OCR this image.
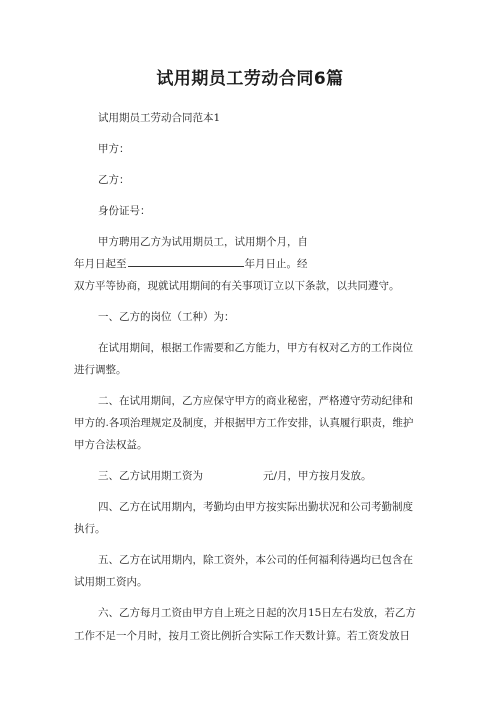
试用期员工劳动合同6篇
试用期员工劳动合同范本1
甲方：
乙方：
身份证号：
甲方聘用乙方为试用期员工，试用期个月，自
年月日起至	年月日止。经
双方平等协商，现就试用期间的有关事项订立以下条款，以共同遵守。
一、乙方的岗位（工种）为：
在试用期间，根据工作需要和乙方能力，甲方有权对乙方的工作岗位
进行调整。
二、在试用期间，乙方应保守甲方的商业秘密，严格遵守劳动纪律和
甲方的.各项治理规定及制度，并根据甲方工作安排，认真履行职责，维护
甲方合法权益。
三、乙方试用期工资为	元/月，甲方按月发放。
四、乙方在试用期内，考勤均由甲方按实际出勤状况和公司考勤制度
执行。
五、乙方在试用期内，除工资外，本公司的任何福利待遇均已包含在
试用期工资内。
六、乙方每月工资由甲方自上班之日起的次月15日左右发放，若乙方
工作不足一个月时，按月工资比例折合实际工作天数计算。若工资发放日
